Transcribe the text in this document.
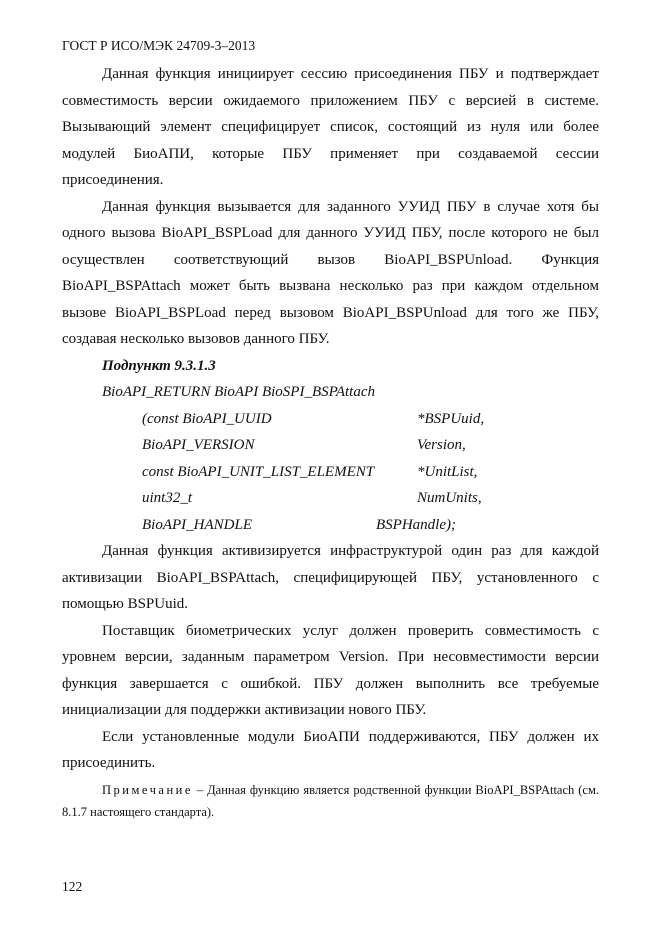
ГОСТ Р ИСО/МЭК 24709-3–2013

Данная функция инициирует сессию присоединения ПБУ и подтверждает совместимость версии ожидаемого приложением ПБУ с версией в системе. Вызывающий элемент специфицирует список, состоящий из нуля или более модулей БиоАПИ, которые ПБУ применяет при создаваемой сессии присоединения.

Данная функция вызывается для заданного УУИД ПБУ в случае хотя бы одного вызова BioAPI_BSPLoad для данного УУИД ПБУ, после которого не был осуществлен соответствующий вызов BioAPI_BSPUnload. Функция BioAPI_BSPAttach может быть вызвана несколько раз при каждом отдельном вызове BioAPI_BSPLoad перед вызовом BioAPI_BSPUnload для того же ПБУ, создавая несколько вызовов данного ПБУ.

Подпункт 9.3.1.3

BioAPI_RETURN BioAPI BioSPI_BSPAttach

(const BioAPI_UUID	*BSPUuid,
BioAPI_VERSION	Version,
const BioAPI_UNIT_LIST_ELEMENT	*UnitList,
uint32_t	NumUnits,
BioAPI_HANDLE	BSPHandle);

Данная функция активизируется инфраструктурой один раз для каждой активизации BioAPI_BSPAttach, специфицирующей ПБУ, установленного с помощью BSPUuid.

Поставщик биометрических услуг должен проверить совместимость с уровнем версии, заданным параметром Version. При несовместимости версии функция завершается с ошибкой. ПБУ должен выполнить все требуемые инициализации для поддержки активизации нового ПБУ.

Если установленные модули БиоАПИ поддерживаются, ПБУ должен их присоединить.

Примечание – Данная функцию является родственной функции BioAPI_BSPAttach (см. 8.1.7 настоящего стандарта).

122
